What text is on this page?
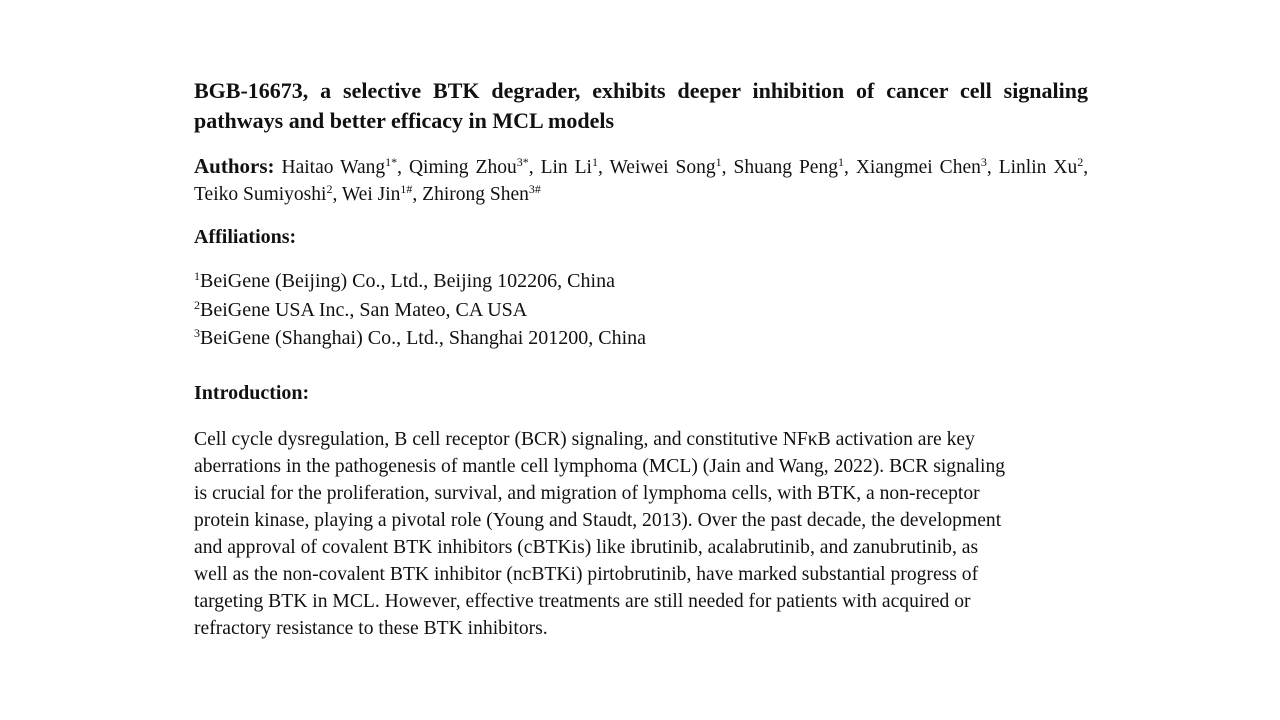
BGB-16673, a selective BTK degrader, exhibits deeper inhibition of cancer cell signaling pathways and better efficacy in MCL models
Authors: Haitao Wang$^{1*}$, Qiming Zhou$^{3*}$, Lin Li$^1$, Weiwei Song$^1$, Shuang Peng$^1$, Xiangmei Chen$^3$, Linlin Xu$^2$, Teiko Sumiyoshi$^2$, Wei Jin$^{1\#}$, Zhirong Shen$^{3\#}$
Affiliations:
$^1$BeiGene (Beijing) Co., Ltd., Beijing 102206, China
$^2$BeiGene USA Inc., San Mateo, CA USA
$^3$BeiGene (Shanghai) Co., Ltd., Shanghai 201200, China
Introduction:
Cell cycle dysregulation, B cell receptor (BCR) signaling, and constitutive NFκB activation are key
aberrations in the pathogenesis of mantle cell lymphoma (MCL) (Jain and Wang, 2022). BCR signaling
is crucial for the proliferation, survival, and migration of lymphoma cells, with BTK, a non-receptor
protein kinase, playing a pivotal role (Young and Staudt, 2013). Over the past decade, the development
and approval of covalent BTK inhibitors (cBTKis) like ibrutinib, acalabrutinib, and zanubrutinib, as
well as the non-covalent BTK inhibitor (ncBTKi) pirtobrutinib, have marked substantial progress of
targeting BTK in MCL. However, effective treatments are still needed for patients with acquired or
refractory resistance to these BTK inhibitors.
